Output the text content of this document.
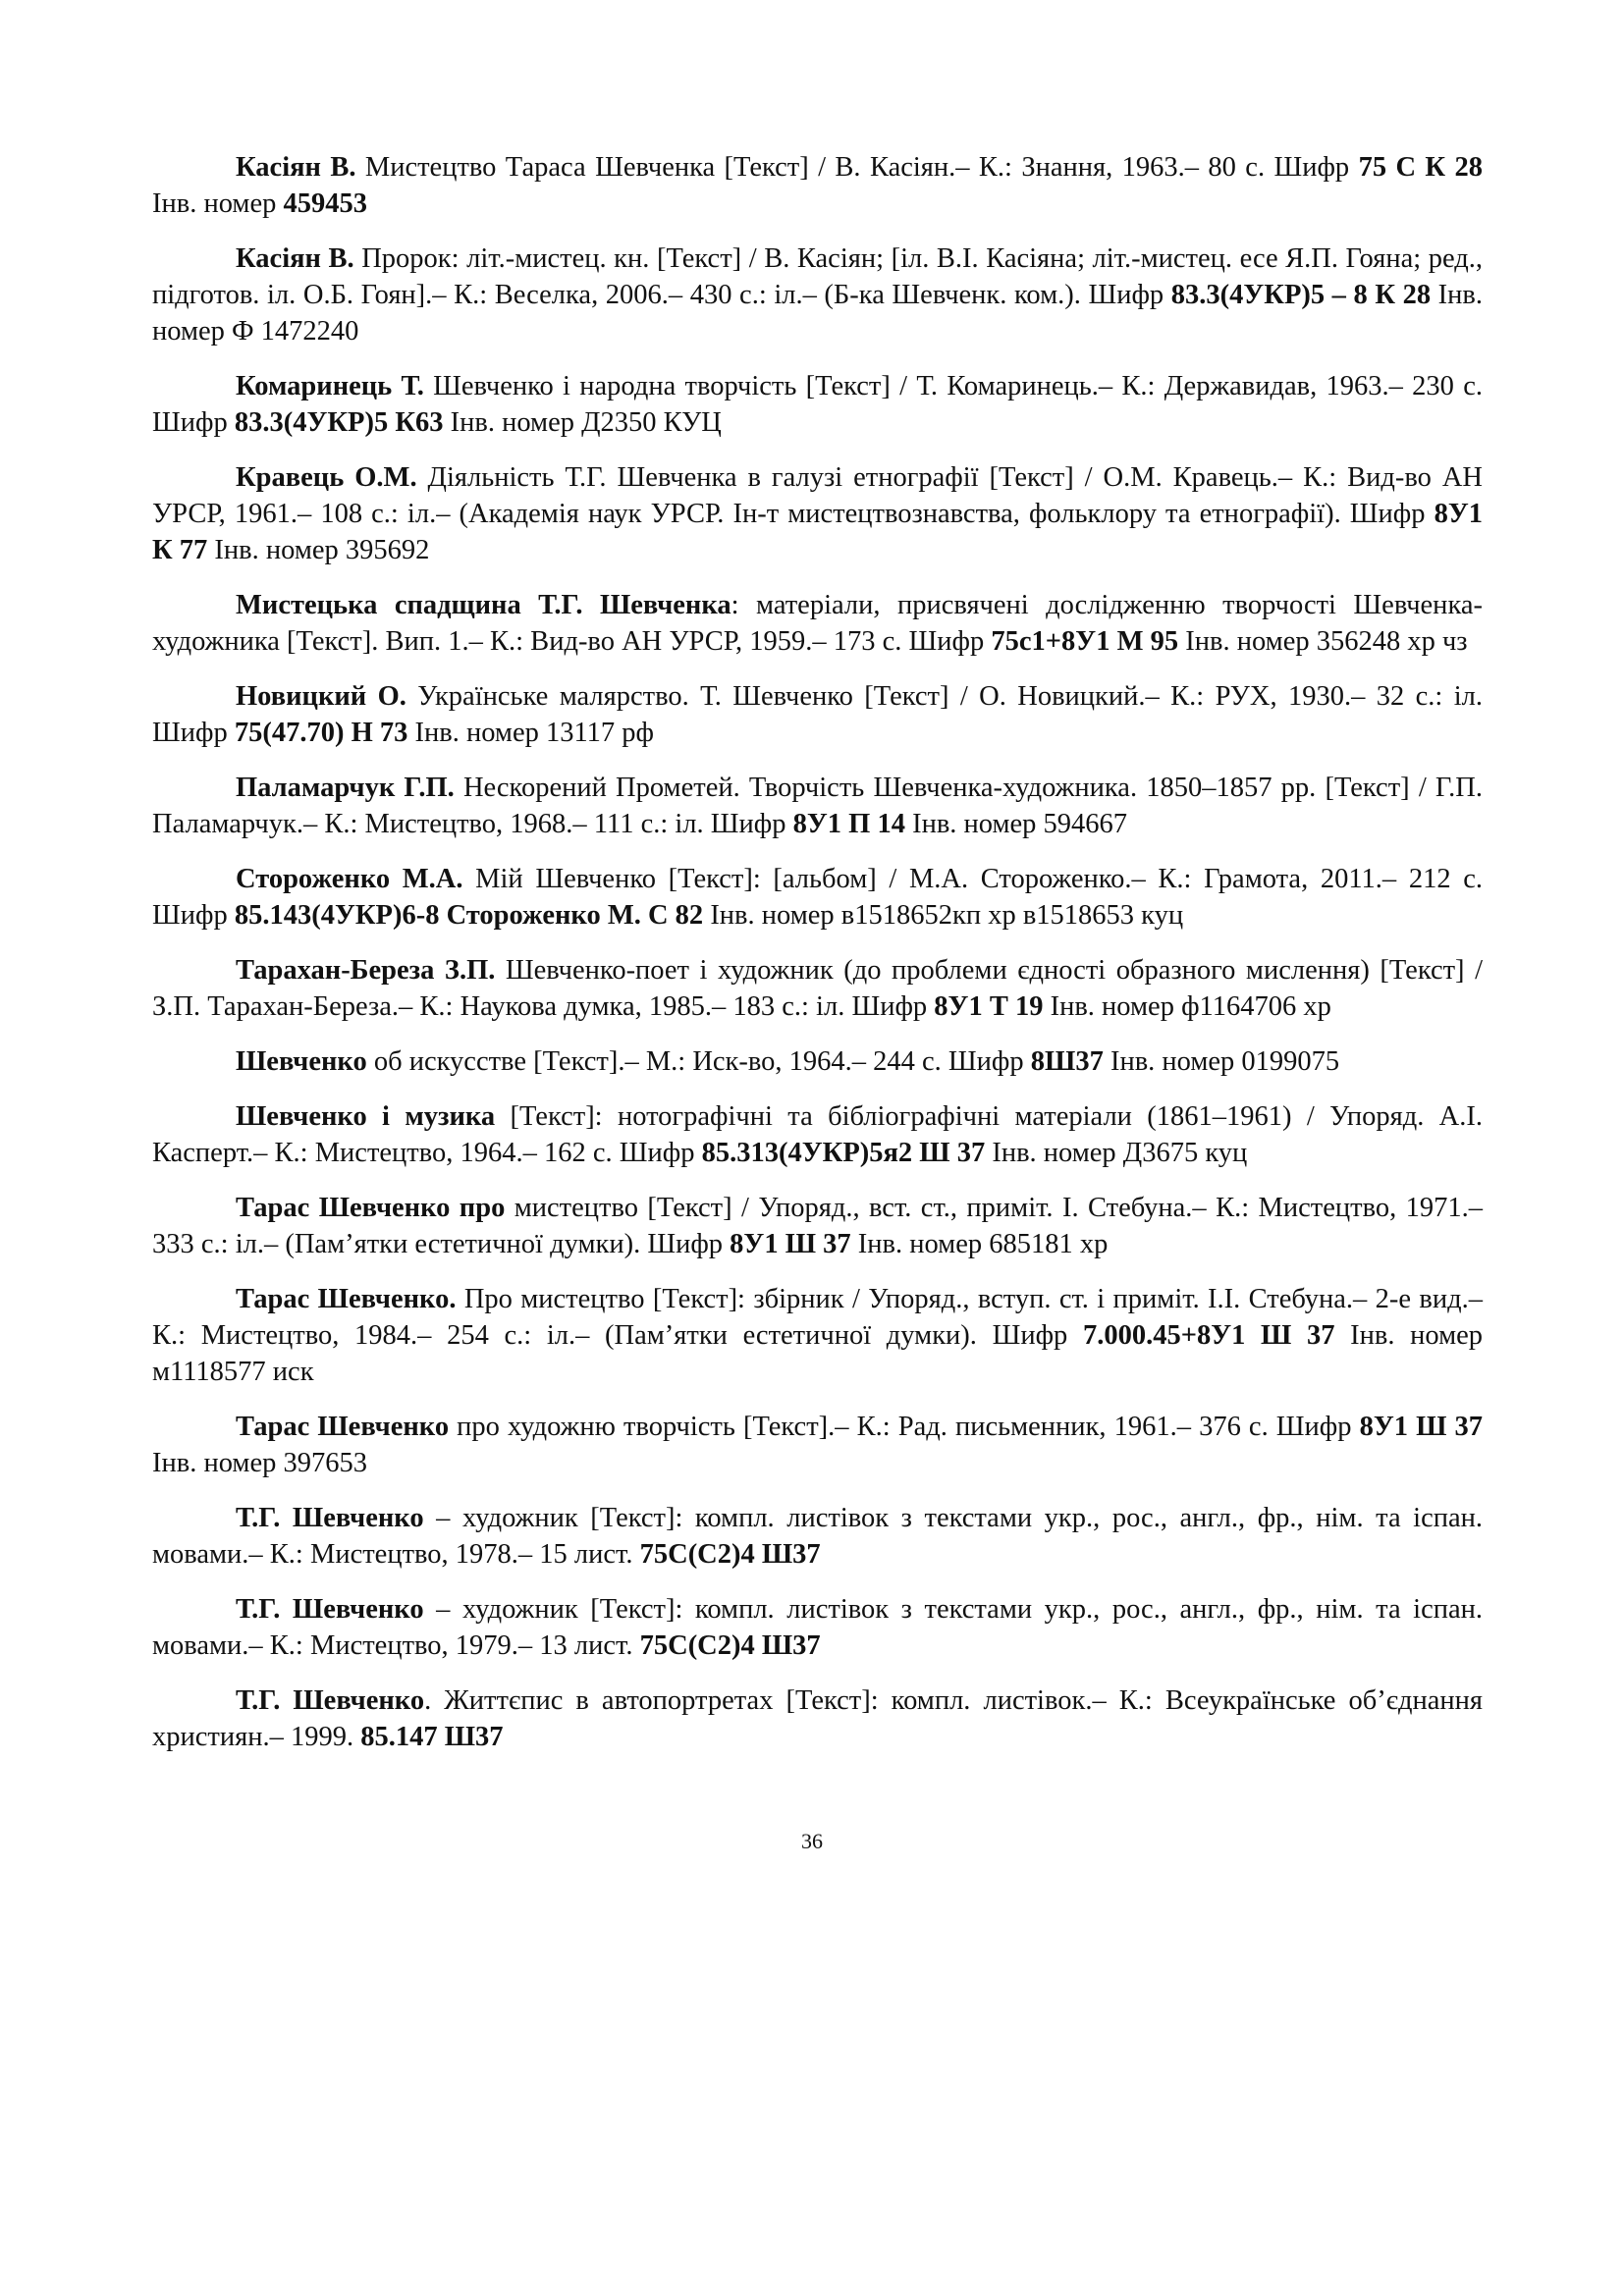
Касіян В. Мистецтво Тараса Шевченка [Текст] / В. Касіян.– К.: Знання, 1963.– 80 с. Шифр 75 С К 28 Інв. номер 459453

Касіян В. Пророк: літ.-мистец. кн. [Текст] / В. Касіян; [іл. В.І. Касіяна; літ.-мистец. есе Я.П. Гояна; ред., підготов. іл. О.Б. Гоян].– К.: Веселка, 2006.– 430 с.: іл.– (Б-ка Шевченк. ком.). Шифр 83.3(4УКР)5 – 8 К 28 Інв. номер Ф 1472240

Комаринець Т. Шевченко і народна творчість [Текст] / Т. Комаринець.– К.: Державидав, 1963.– 230 с. Шифр 83.3(4УКР)5 К63 Інв. номер Д2350 КУЦ

Кравець О.М. Діяльність Т.Г. Шевченка в галузі етнографії [Текст] / О.М. Кравець.– К.: Вид-во АН УРСР, 1961.– 108 с.: іл.– (Академія наук УРСР. Ін-т мистецтвознавства, фольклору та етнографії). Шифр 8У1 К 77 Інв. номер 395692

Мистецька спадщина Т.Г. Шевченка: матеріали, присвячені дослідженню творчості Шевченка-художника [Текст]. Вип. 1.– К.: Вид-во АН УРСР, 1959.– 173 с. Шифр 75с1+8У1 М 95 Інв. номер 356248 хр чз

Новицкий О. Українське малярство. Т. Шевченко [Текст] / О. Новицкий.– К.: РУХ, 1930.– 32 с.: іл. Шифр 75(47.70) Н 73 Інв. номер 13117 рф

Паламарчук Г.П. Нескорений Прометей. Творчість Шевченка-художника. 1850–1857 рр. [Текст] / Г.П. Паламарчук.– К.: Мистецтво, 1968.– 111 с.: іл. Шифр 8У1 П 14 Інв. номер 594667

Стороженко М.А. Мій Шевченко [Текст]: [альбом] / М.А. Стороженко.– К.: Грамота, 2011.– 212 с. Шифр 85.143(4УКР)6-8 Стороженко М. С 82 Інв. номер в1518652кп хр в1518653 куц

Тарахан-Береза З.П. Шевченко-поет і художник (до проблеми єдності образного мислення) [Текст] / З.П. Тарахан-Береза.– К.: Наукова думка, 1985.– 183 с.: іл. Шифр 8У1 Т 19 Інв. номер ф1164706 хр

Шевченко об искусстве [Текст].– М.: Иск-во, 1964.– 244 с. Шифр 8Ш37 Інв. номер 0199075

Шевченко і музика [Текст]: нотографічні та бібліографічні матеріали (1861–1961) / Упоряд. А.І. Касперт.– К.: Мистецтво, 1964.– 162 с. Шифр 85.313(4УКР)5я2 Ш 37 Інв. номер Д3675 куц

Тарас Шевченко про мистецтво [Текст] / Упоряд., вст. ст., приміт. І. Стебуна.– К.: Мистецтво, 1971.– 333 с.: іл.– (Пам’ятки естетичної думки). Шифр 8У1 Ш 37 Інв. номер 685181 хр

Тарас Шевченко. Про мистецтво [Текст]: збірник / Упоряд., вступ. ст. і приміт. І.І. Стебуна.– 2-е вид.– К.: Мистецтво, 1984.– 254 с.: іл.– (Пам’ятки естетичної думки). Шифр 7.000.45+8У1 Ш 37 Інв. номер м1118577 иск

Тарас Шевченко про художню творчість [Текст].– К.: Рад. письменник, 1961.– 376 с. Шифр 8У1 Ш 37 Інв. номер 397653

Т.Г. Шевченко – художник [Текст]: компл. листівок з текстами укр., рос., англ., фр., нім. та іспан. мовами.– К.: Мистецтво, 1978.– 15 лист. 75С(С2)4 Ш37

Т.Г. Шевченко – художник [Текст]: компл. листівок з текстами укр., рос., англ., фр., нім. та іспан. мовами.– К.: Мистецтво, 1979.– 13 лист. 75С(С2)4 Ш37

Т.Г. Шевченко. Життєпис в автопортретах [Текст]: компл. листівок.– К.: Всеукраїнське об’єднання християн.– 1999. 85.147 Ш37

36
